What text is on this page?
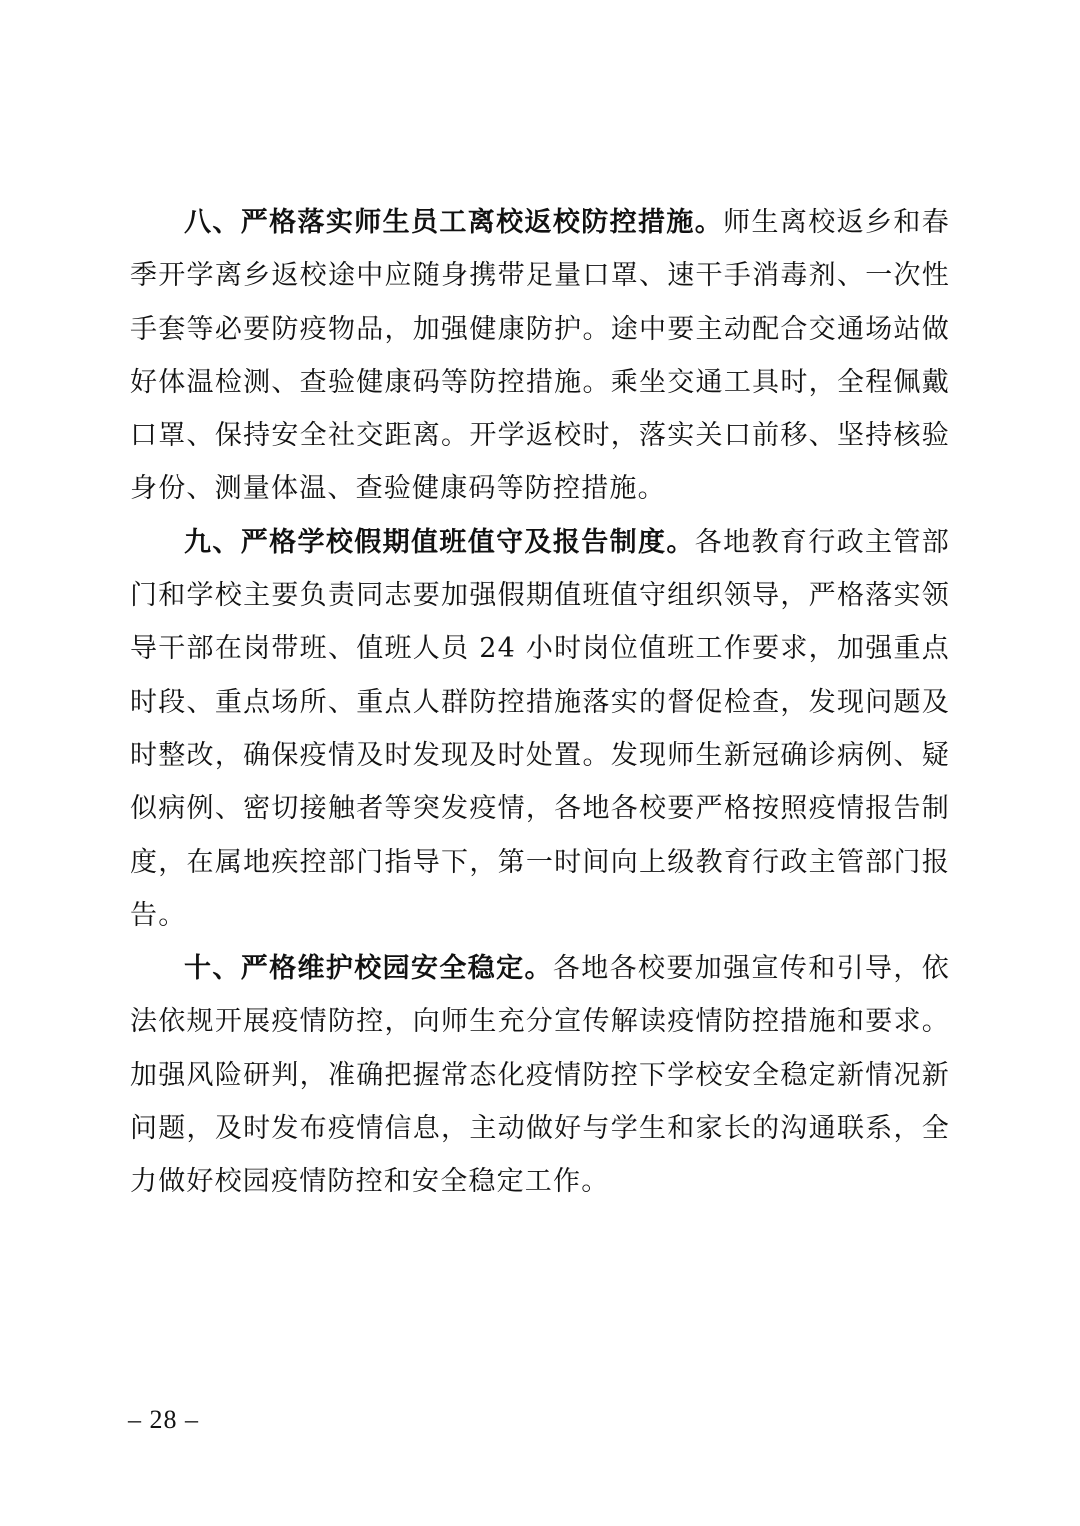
八、严格落实师生员工离校返校防控措施。师生离校返乡和春季开学离乡返校途中应随身携带足量口罩、速干手消毒剂、一次性手套等必要防疫物品，加强健康防护。途中要主动配合交通场站做好体温检测、查验健康码等防控措施。乘坐交通工具时，全程佩戴口罩、保持安全社交距离。开学返校时，落实关口前移、坚持核验身份、测量体温、查验健康码等防控措施。

九、严格学校假期值班值守及报告制度。各地教育行政主管部门和学校主要负责同志要加强假期值班值守组织领导，严格落实领导干部在岗带班、值班人员 24 小时岗位值班工作要求，加强重点时段、重点场所、重点人群防控措施落实的督促检查，发现问题及时整改，确保疫情及时发现及时处置。发现师生新冠确诊病例、疑似病例、密切接触者等突发疫情，各地各校要严格按照疫情报告制度，在属地疾控部门指导下，第一时间向上级教育行政主管部门报告。

十、严格维护校园安全稳定。各地各校要加强宣传和引导，依法依规开展疫情防控，向师生充分宣传解读疫情防控措施和要求。加强风险研判，准确把握常态化疫情防控下学校安全稳定新情况新问题，及时发布疫情信息，主动做好与学生和家长的沟通联系，全力做好校园疫情防控和安全稳定工作。

– 28 –
